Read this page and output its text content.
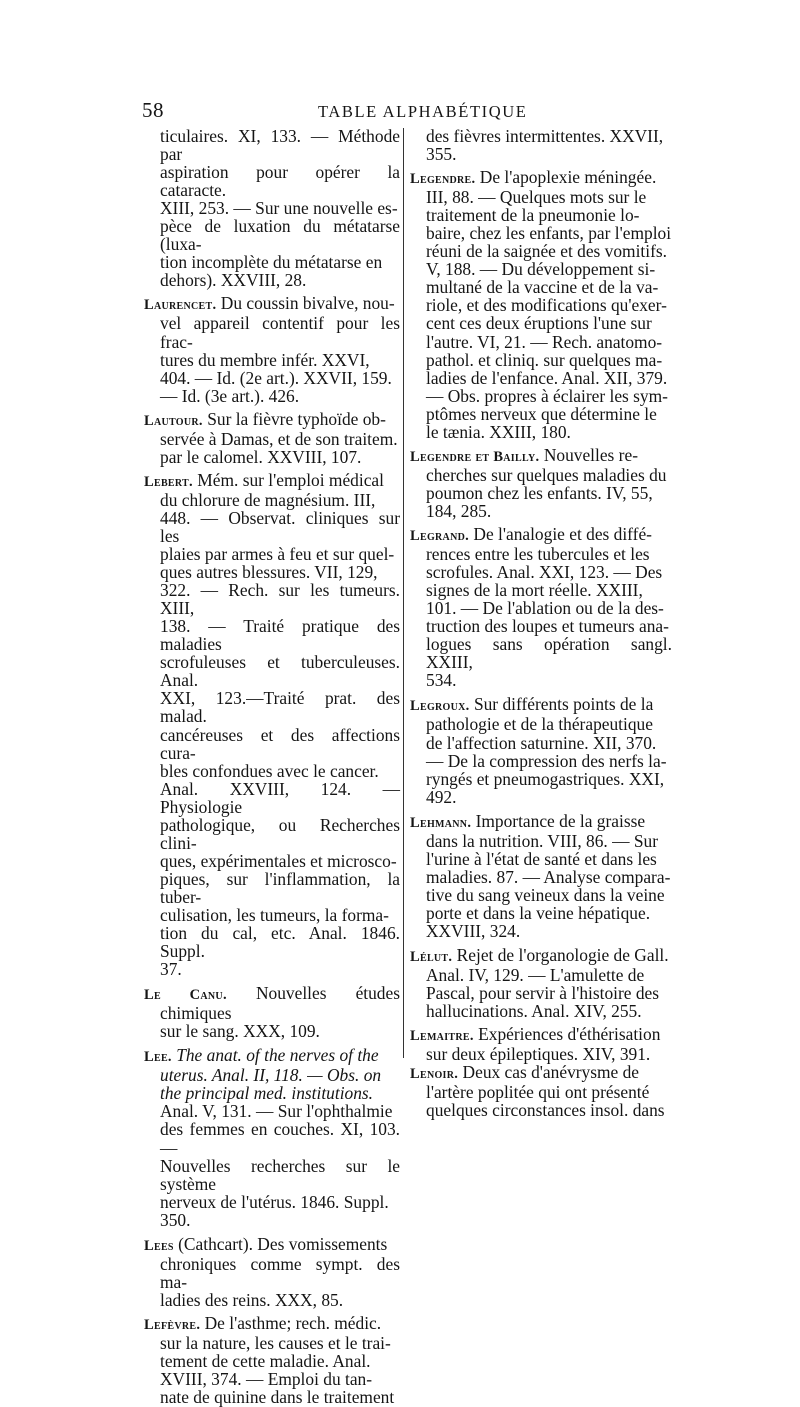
58	TABLE ALPHABÉTIQUE

ticulaires. XI, 133. — Méthode par
aspiration pour opérer la cataracte.
XIII, 253. — Sur une nouvelle es-
pèce de luxation du métatarse (luxa-
tion incomplète du métatarse en
dehors). XXVIII, 28.

Laurencet. Du coussin bivalve, nou-
vel appareil contentif pour les frac-
tures du membre infér. XXVI,
404. — Id. (2e art.). XXVII, 159.
— Id. (3e art.). 426.

Lautour. Sur la fièvre typhoïde ob-
servée à Damas, et de son traitem.
par le calomel. XXVIII, 107.

Lebert. Mém. sur l'emploi médical
du chlorure de magnésium. III,
448. — Observat. cliniques sur les
plaies par armes à feu et sur quel-
ques autres blessures. VII, 129,
322. — Rech. sur les tumeurs. XIII,
138. — Traité pratique des maladies
scrofuleuses et tuberculeuses. Anal.
XXI, 123.—Traité prat. des malad.
cancéreuses et des affections cura-
bles confondues avec le cancer.
Anal. XXVIII, 124. — Physiologie
pathologique, ou Recherches clini-
ques, expérimentales et microsco-
piques, sur l'inflammation, la tuber-
culisation, les tumeurs, la forma-
tion du cal, etc. Anal. 1846. Suppl.
37.

Le Canu. Nouvelles études chimiques
sur le sang. XXX, 109.

Lee. The anat. of the nerves of the
uterus. Anal. II, 118. — Obs. on
the principal med. institutions.
Anal. V, 131. — Sur l'ophthalmie
des femmes en couches. XI, 103. —
Nouvelles recherches sur le système
nerveux de l'utérus. 1846. Suppl.
350.

Lees (Cathcart). Des vomissements
chroniques comme sympt. des ma-
ladies des reins. XXX, 85.

Lefèvre. De l'asthme; rech. médic.
sur la nature, les causes et le trai-
tement de cette maladie. Anal.
XVIII, 374. — Emploi du tan-
nate de quinine dans le traitement

des fièvres intermittentes. XXVII,
355.

Legendre. De l'apoplexie méningée.
III, 88. — Quelques mots sur le
traitement de la pneumonie lo-
baire, chez les enfants, par l'emploi
réuni de la saignée et des vomitifs.
V, 188. — Du développement si-
multané de la vaccine et de la va-
riole, et des modifications qu'exer-
cent ces deux éruptions l'une sur
l'autre. VI, 21. — Rech. anatomo-
pathol. et cliniq. sur quelques ma-
ladies de l'enfance. Anal. XII, 379.
— Obs. propres à éclairer les sym-
ptômes nerveux que détermine le
le tænia. XXIII, 180.

Legendre et Bailly. Nouvelles re-
cherches sur quelques maladies du
poumon chez les enfants. IV, 55,
184, 285.

Legrand. De l'analogie et des diffé-
rences entre les tubercules et les
scrofules. Anal. XXI, 123. — Des
signes de la mort réelle. XXIII,
101. — De l'ablation ou de la des-
truction des loupes et tumeurs ana-
logues sans opération sangl. XXIII,
534.

Legroux. Sur différents points de la
pathologie et de la thérapeutique
de l'affection saturnine. XII, 370.
— De la compression des nerfs la-
ryngés et pneumogastriques. XXI,
492.

Lehmann. Importance de la graisse
dans la nutrition. VIII, 86. — Sur
l'urine à l'état de santé et dans les
maladies. 87. — Analyse compara-
tive du sang veineux dans la veine
porte et dans la veine hépatique.
XXVIII, 324.

Lélut. Rejet de l'organologie de Gall.
Anal. IV, 129. — L'amulette de
Pascal, pour servir à l'histoire des
hallucinations. Anal. XIV, 255.

Lemaitre. Expériences d'éthérisation
sur deux épileptiques. XIV, 391.

Lenoir. Deux cas d'anévrysme de
l'artère poplitée qui ont présenté
quelques circonstances insol. dans
